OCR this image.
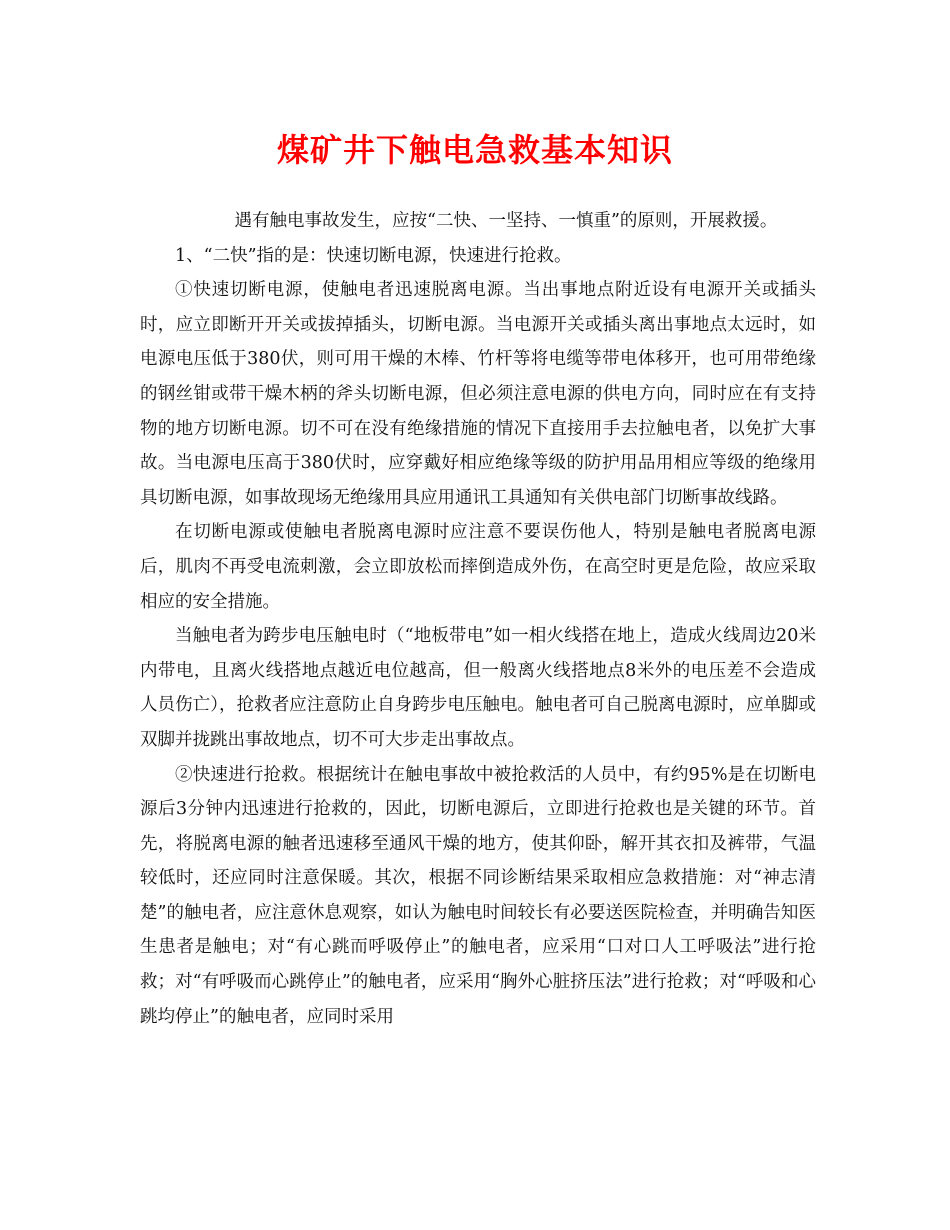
煤矿井下触电急救基本知识

遇有触电事故发生，应按“二快、一坚持、一慎重”的原则，开展救援。

1、“二快”指的是：快速切断电源，快速进行抢救。

①快速切断电源，使触电者迅速脱离电源。当出事地点附近设有电源开关或插头时，应立即断开开关或拔掉插头，切断电源。当电源开关或插头离出事地点太远时，如电源电压低于380伏，则可用干燥的木棒、竹杆等将电缆等带电体移开，也可用带绝缘的钢丝钳或带干燥木柄的斧头切断电源，但必须注意电源的供电方向，同时应在有支持物的地方切断电源。切不可在没有绝缘措施的情况下直接用手去拉触电者，以免扩大事故。当电源电压高于380伏时，应穿戴好相应绝缘等级的防护用品用相应等级的绝缘用具切断电源，如事故现场无绝缘用具应用通讯工具通知有关供电部门切断事故线路。

在切断电源或使触电者脱离电源时应注意不要误伤他人，特别是触电者脱离电源后，肌肉不再受电流刺激，会立即放松而摔倒造成外伤，在高空时更是危险，故应采取相应的安全措施。

当触电者为跨步电压触电时（“地板带电”如一相火线搭在地上，造成火线周边20米内带电，且离火线搭地点越近电位越高，但一般离火线搭地点8米外的电压差不会造成人员伤亡），抢救者应注意防止自身跨步电压触电。触电者可自己脱离电源时，应单脚或双脚并拢跳出事故地点，切不可大步走出事故点。

②快速进行抢救。根据统计在触电事故中被抢救活的人员中，有约95%是在切断电源后3分钟内迅速进行抢救的，因此，切断电源后，立即进行抢救也是关键的环节。首先，将脱离电源的触者迅速移至通风干燥的地方，使其仰卧，解开其衣扣及裤带，气温较低时，还应同时注意保暖。其次，根据不同诊断结果采取相应急救措施：对“神志清楚”的触电者，应注意休息观察，如认为触电时间较长有必要送医院检查，并明确告知医生患者是触电；对“有心跳而呼吸停止”的触电者，应采用“口对口人工呼吸法”进行抢救；对“有呼吸而心跳停止”的触电者，应采用“胸外心脏挤压法”进行抢救；对“呼吸和心跳均停止”的触电者，应同时采用
